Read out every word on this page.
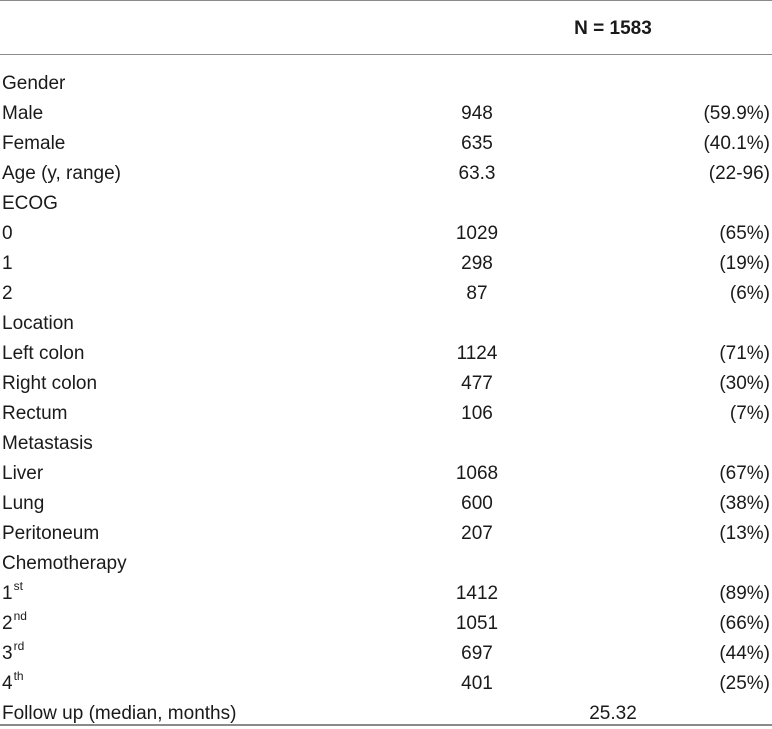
N = 1583
Gender
Male	948	(59.9%)
Female	635	(40.1%)
Age (y, range)	63.3	(22-96)
ECOG
0	1029	(65%)
1	298	(19%)
2	87	(6%)
Location
Left colon	1124	(71%)
Right colon	477	(30%)
Rectum	106	(7%)
Metastasis
Liver	1068	(67%)
Lung	600	(38%)
Peritoneum	207	(13%)
Chemotherapy
1st	1412	(89%)
2nd	1051	(66%)
3rd	697	(44%)
4th	401	(25%)
Follow up (median, months)	25.32
